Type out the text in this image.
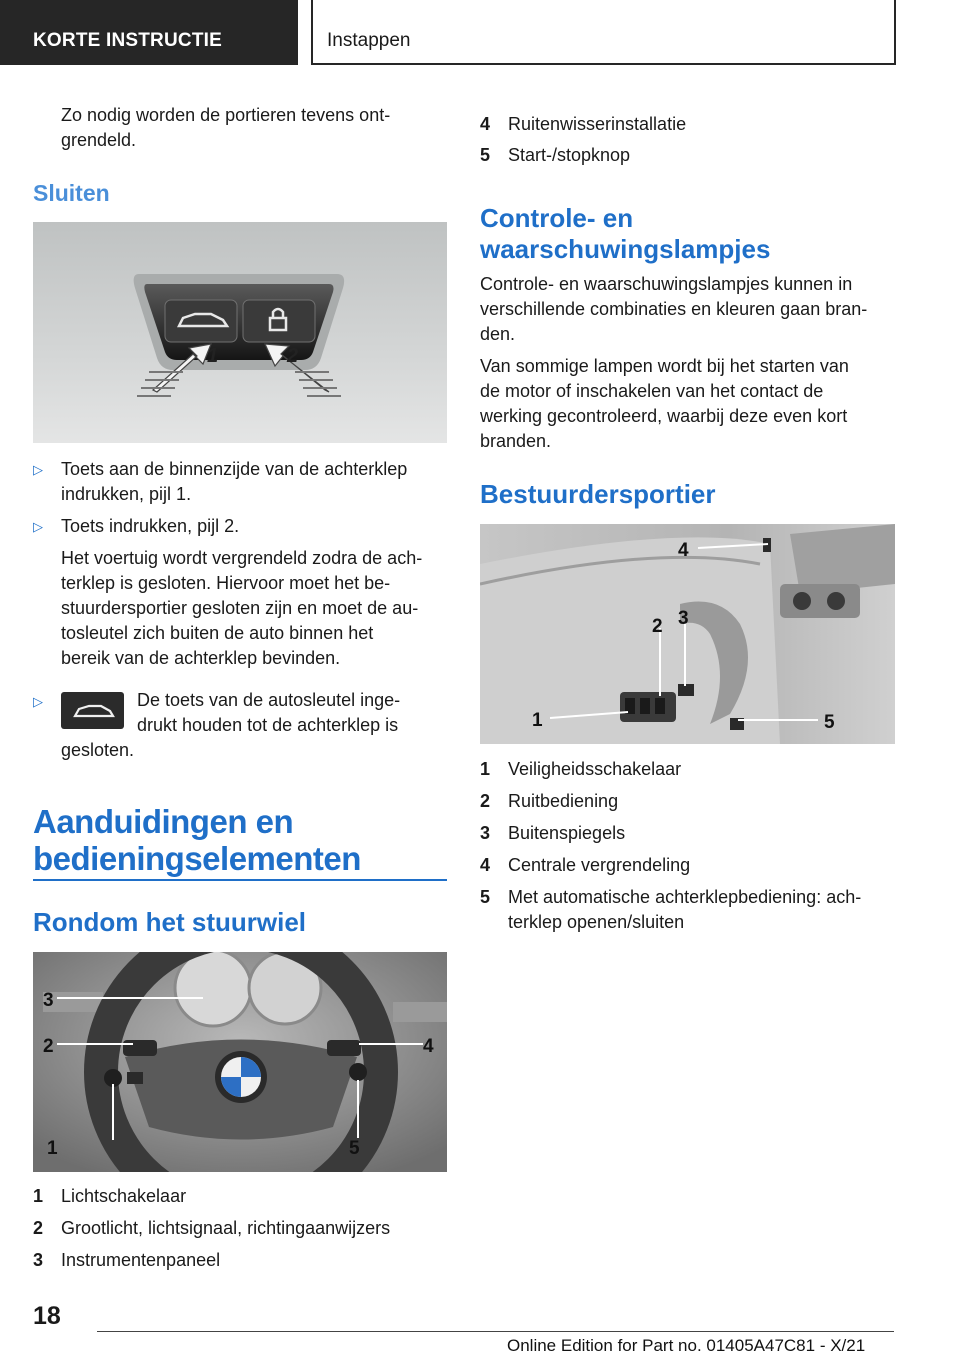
KORTE INSTRUCTIE	Instappen
Zo nodig worden de portieren tevens ont-
grendeld.
Sluiten
1	2
▷ Toets aan de binnenzijde van de achterklep
indrukken, pijl 1.
▷ Toets indrukken, pijl 2.
Het voertuig wordt vergrendeld zodra de ach-
terklep is gesloten. Hiervoor moet het be-
stuurdersportier gesloten zijn en moet de au-
tosleutel zich buiten de auto binnen het
bereik van de achterklep bevinden.
▷	De toets van de autosleutel inge-
drukt houden tot de achterklep is
gesloten.
Aanduidingen en
bedieningselementen
Rondom het stuurwiel
1
2
3
4
5
1 Lichtschakelaar
2 Grootlicht, lichtsignaal, richtingaanwijzers
3 Instrumentenpaneel
4 Ruitenwisserinstallatie
5 Start-/stopknop
Controle- en
waarschuwingslampjes
Controle- en waarschuwingslampjes kunnen in
verschillende combinaties en kleuren gaan bran-
den.
Van sommige lampen wordt bij het starten van
de motor of inschakelen van het contact de
werking gecontroleerd, waarbij deze even kort
branden.
Bestuurdersportier
1
2 3
4
5
1 Veiligheidsschakelaar
2 Ruitbediening
3 Buitenspiegels
4 Centrale vergrendeling
5 Met automatische achterklepbediening: ach-
terklep openen/sluiten
18
Online Edition for Part no. 01405A47C81 - X/21
